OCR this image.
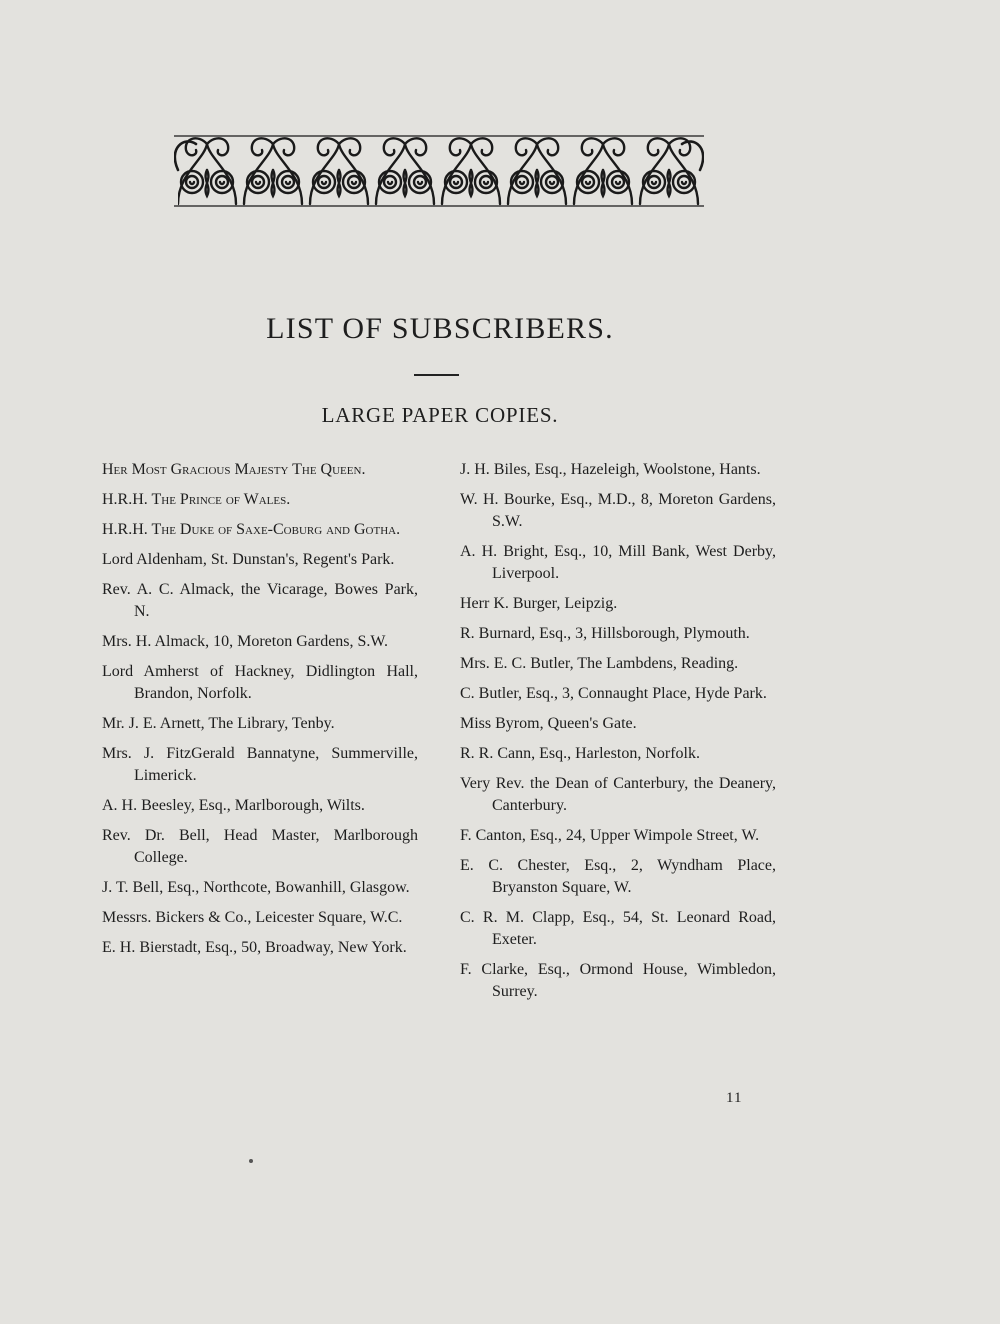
LIST OF SUBSCRIBERS.
LARGE PAPER COPIES.
Her Most Gracious Majesty The Queen.
H.R.H. The Prince of Wales.
H.R.H. The Duke of Saxe-Coburg and Gotha.
Lord Aldenham, St. Dunstan's, Regent's Park.
Rev. A. C. Almack, the Vicarage, Bowes Park, N.
Mrs. H. Almack, 10, Moreton Gardens, S.W.
Lord Amherst of Hackney, Didlington Hall, Brandon, Norfolk.
Mr. J. E. Arnett, The Library, Tenby.
Mrs. J. FitzGerald Bannatyne, Summerville, Limerick.
A. H. Beesley, Esq., Marlborough, Wilts.
Rev. Dr. Bell, Head Master, Marlborough College.
J. T. Bell, Esq., Northcote, Bowanhill, Glasgow.
Messrs. Bickers & Co., Leicester Square, W.C.
E. H. Bierstadt, Esq., 50, Broadway, New York.
J. H. Biles, Esq., Hazeleigh, Woolstone, Hants.
W. H. Bourke, Esq., M.D., 8, Moreton Gardens, S.W.
A. H. Bright, Esq., 10, Mill Bank, West Derby, Liverpool.
Herr K. Burger, Leipzig.
R. Burnard, Esq., 3, Hillsborough, Plymouth.
Mrs. E. C. Butler, The Lambdens, Reading.
C. Butler, Esq., 3, Connaught Place, Hyde Park.
Miss Byrom, Queen's Gate.
R. R. Cann, Esq., Harleston, Norfolk.
Very Rev. the Dean of Canterbury, the Deanery, Canterbury.
F. Canton, Esq., 24, Upper Wimpole Street, W.
E. C. Chester, Esq., 2, Wyndham Place, Bryanston Square, W.
C. R. M. Clapp, Esq., 54, St. Leonard Road, Exeter.
F. Clarke, Esq., Ormond House, Wimbledon, Surrey.
11
